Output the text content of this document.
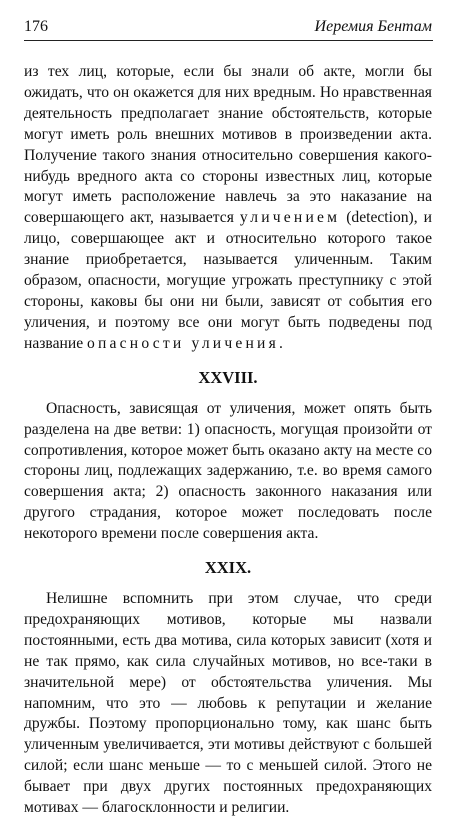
176	Иеремия Бентам

из тех лиц, которые, если бы знали об акте, могли бы ожидать, что он окажется для них вредным. Но нравственная деятельность предполагает знание обстоятельств, которые могут иметь роль внешних мотивов в произведении акта. Получение такого знания относительно совершения какого-нибудь вредного акта со стороны известных лиц, которые могут иметь расположение навлечь за это наказание на совершающего акт, называется уличением (detection), и лицо, совершающее акт и относительно которого такое знание приобретается, называется уличенным. Таким образом, опасности, могущие угрожать преступнику с этой стороны, каковы бы они ни были, зависят от события его уличения, и поэтому все они могут быть подведены под название опасности уличения.

XXVIII.

Опасность, зависящая от уличения, может опять быть разделена на две ветви: 1) опасность, могущая произойти от сопротивления, которое может быть оказано акту на месте со стороны лиц, подлежащих задержанию, т.е. во время самого совершения акта; 2) опасность законного наказания или другого страдания, которое может последовать после некоторого времени после совершения акта.

XXIX.

Нелишне вспомнить при этом случае, что среди предохраняющих мотивов, которые мы назвали постоянными, есть два мотива, сила которых зависит (хотя и не так прямо, как сила случайных мотивов, но все-таки в значительной мере) от обстоятельства уличения. Мы напомним, что это — любовь к репутации и желание дружбы. Поэтому пропорционально тому, как шанс быть уличенным увеличивается, эти мотивы действуют с большей силой; если шанс меньше — то с меньшей силой. Этого не бывает при двух других постоянных предохраняющих мотивах — благосклонности и религии.
